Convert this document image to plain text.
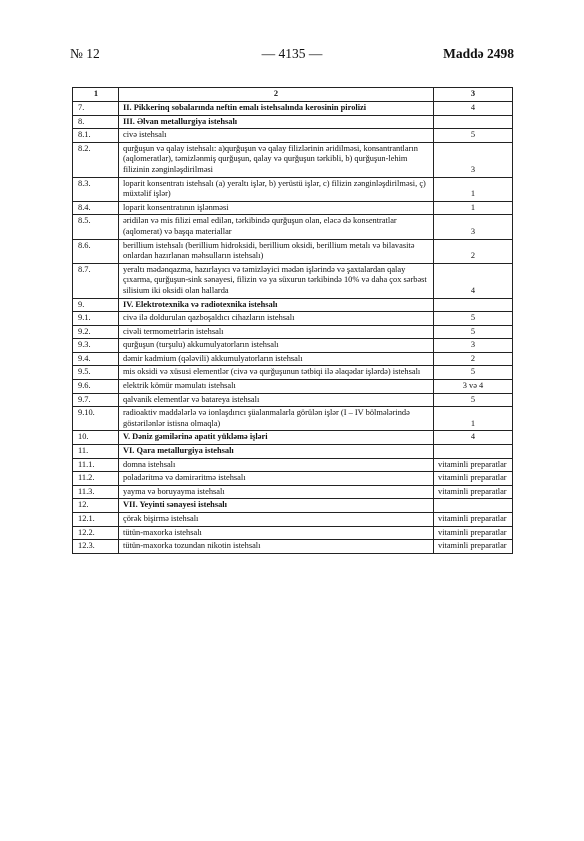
№ 12	— 4135 —	Maddə 2498
1	2	3
7.	II. Pikkerinq sobalarında neftin emalı istehsalında kerosinin pirolizi	4
8.	III. Əlvan metallurgiya istehsalı	
8.1.	civə istehsalı	5
8.2.	qurğuşun və qalay istehsalı: a)qurğuşun və qalay filizlərinin əridilməsi, konsantrantların (aqlomeratlar), təmizlənmiş qurğuşun, qalay və qurğuşun tərkibli, b) qurğuşun-lehim filizinin zənginləşdirilməsi	3
8.3.	loparit konsentratı istehsalı (a) yeraltı işlər, b) yerüstü işlər, c) filizin zənginləşdirilməsi, ç) müxtəlif işlər)	1
8.4.	loparit konsentratının işlənməsi	1
8.5.	əridilən və mis filizi emal edilən, tərkibində qurğuşun olan, eləcə də konsentratlar (aqlomerat) və başqa materiallar	3
8.6.	berillium istehsalı (berillium hidroksidi, berillium oksidi, berillium metalı və bilavasitə onlardan hazırlanan məhsulların istehsalı)	2
8.7.	yeraltı mədənqazma, hazırlayıcı və təmizləyici mədən işlərində və şaxtalardan qalay çıxarma, qurğuşun-sink sənayesi, filizin və ya süxurun tərkibində 10% və daha çox sərbəst silisium iki oksidi olan hallarda	4
9.	IV. Elektrotexnika və radiotexnika istehsalı	
9.1.	civə ilə doldurulan qazboşaldıcı cihazların istehsalı	5
9.2.	civəli termometrlərin istehsalı	5
9.3.	qurğuşun (turşulu) akkumulyatorların istehsalı	3
9.4.	dəmir kadmium (qələvili) akkumulyatorların istehsalı	2
9.5.	mis oksidi və xüsusi elementlər (civə və qurğuşunun tətbiqi ilə əlaqədar işlərdə) istehsalı	5
9.6.	elektrik kömür məmulatı istehsalı	3 və 4
9.7.	qalvanik elementlər və batareya istehsalı	5
9.10.	radioaktiv maddələrlə və ionlaşdırıcı şüalanmalarla görülən işlər (I – IV bölmələrində göstərilənlər istisna olmaqla)	1
10.	V. Dəniz gəmilərinə apatit yükləmə işləri	4
11.	VI. Qara metallurgiya istehsalı	
11.1.	domna istehsalı	vitaminli preparatlar
11.2.	poladəritmə və dəmirəritmə istehsalı	vitaminli preparatlar
11.3.	yayma və boruyayma istehsalı	vitaminli preparatlar
12.	VII. Yeyinti sənayesi istehsalı	
12.1.	çörək bişirmə istehsalı	vitaminli preparatlar
12.2.	tütün-maxorka istehsalı	vitaminli preparatlar
12.3.	tütün-maxorka tozundan nikotin istehsalı	vitaminli preparatlar
